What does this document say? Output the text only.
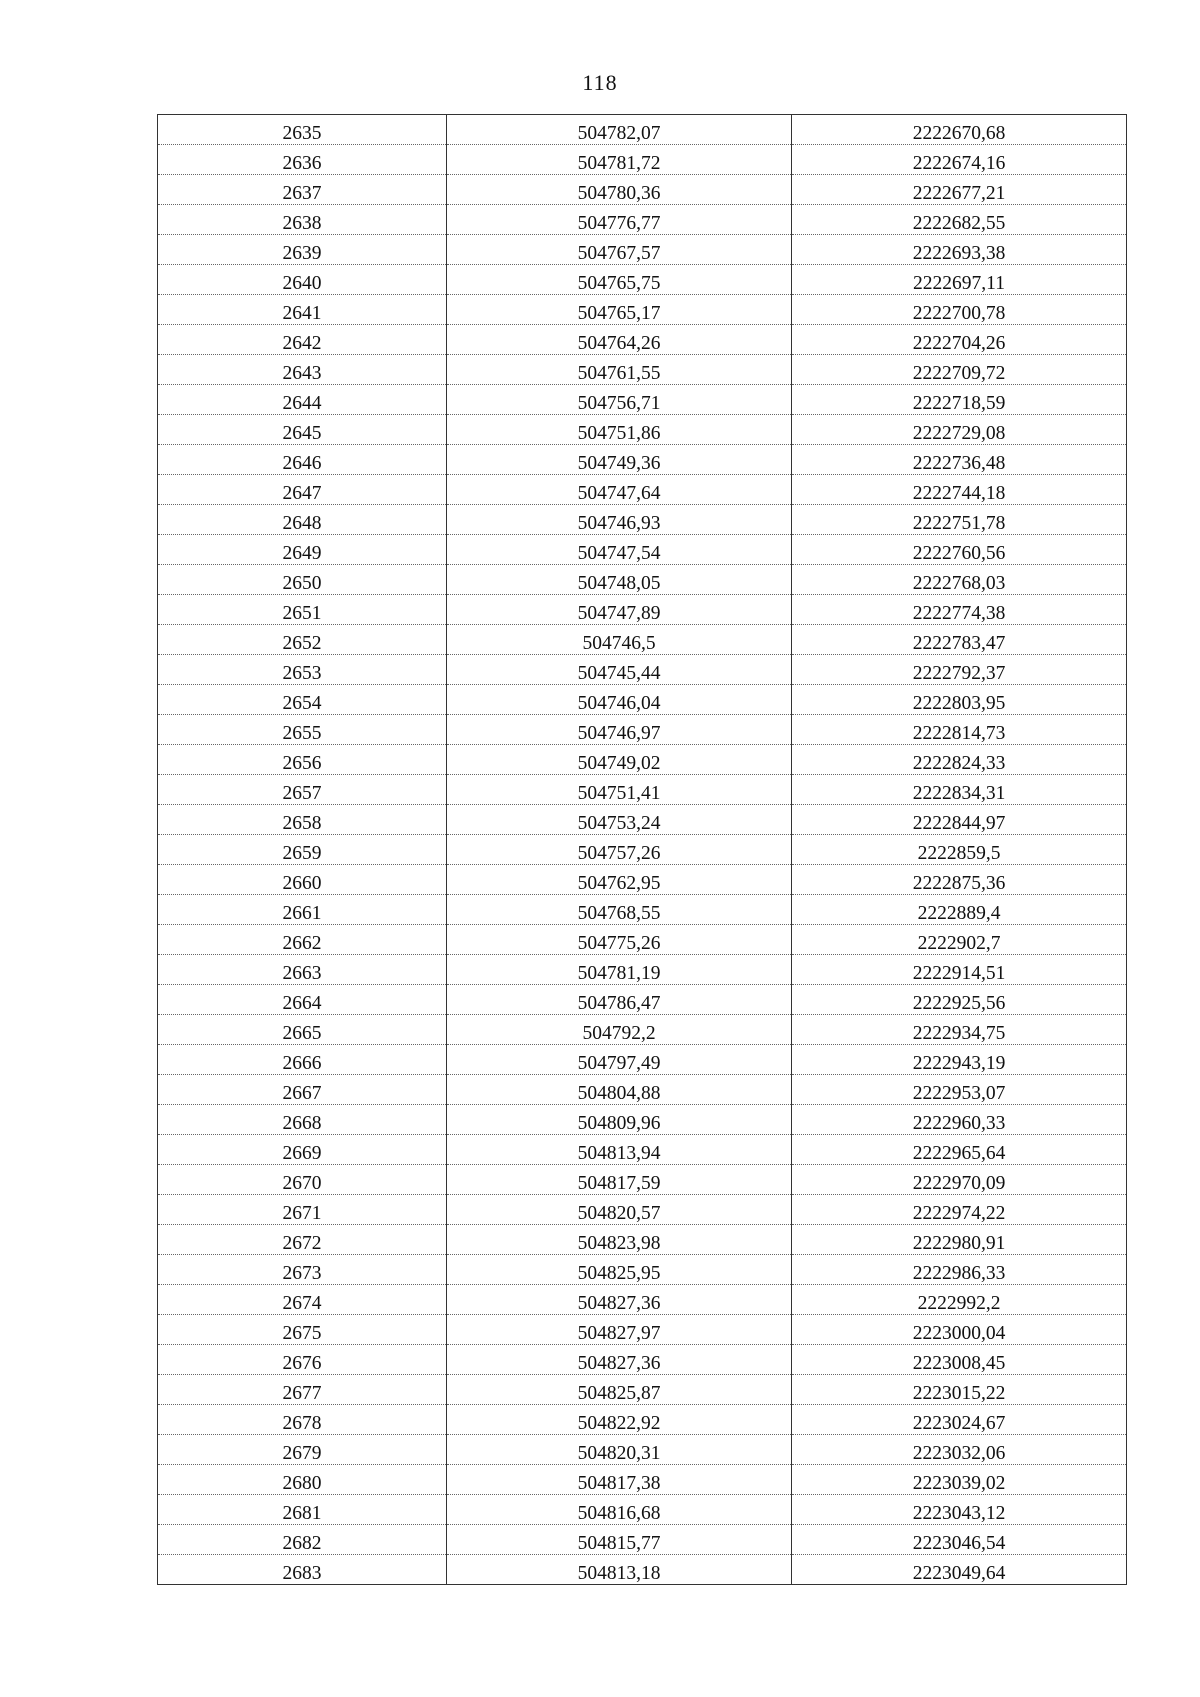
118
2635	504782,07	2222670,68
2636	504781,72	2222674,16
2637	504780,36	2222677,21
2638	504776,77	2222682,55
2639	504767,57	2222693,38
2640	504765,75	2222697,11
2641	504765,17	2222700,78
2642	504764,26	2222704,26
2643	504761,55	2222709,72
2644	504756,71	2222718,59
2645	504751,86	2222729,08
2646	504749,36	2222736,48
2647	504747,64	2222744,18
2648	504746,93	2222751,78
2649	504747,54	2222760,56
2650	504748,05	2222768,03
2651	504747,89	2222774,38
2652	504746,5	2222783,47
2653	504745,44	2222792,37
2654	504746,04	2222803,95
2655	504746,97	2222814,73
2656	504749,02	2222824,33
2657	504751,41	2222834,31
2658	504753,24	2222844,97
2659	504757,26	2222859,5
2660	504762,95	2222875,36
2661	504768,55	2222889,4
2662	504775,26	2222902,7
2663	504781,19	2222914,51
2664	504786,47	2222925,56
2665	504792,2	2222934,75
2666	504797,49	2222943,19
2667	504804,88	2222953,07
2668	504809,96	2222960,33
2669	504813,94	2222965,64
2670	504817,59	2222970,09
2671	504820,57	2222974,22
2672	504823,98	2222980,91
2673	504825,95	2222986,33
2674	504827,36	2222992,2
2675	504827,97	2223000,04
2676	504827,36	2223008,45
2677	504825,87	2223015,22
2678	504822,92	2223024,67
2679	504820,31	2223032,06
2680	504817,38	2223039,02
2681	504816,68	2223043,12
2682	504815,77	2223046,54
2683	504813,18	2223049,64
